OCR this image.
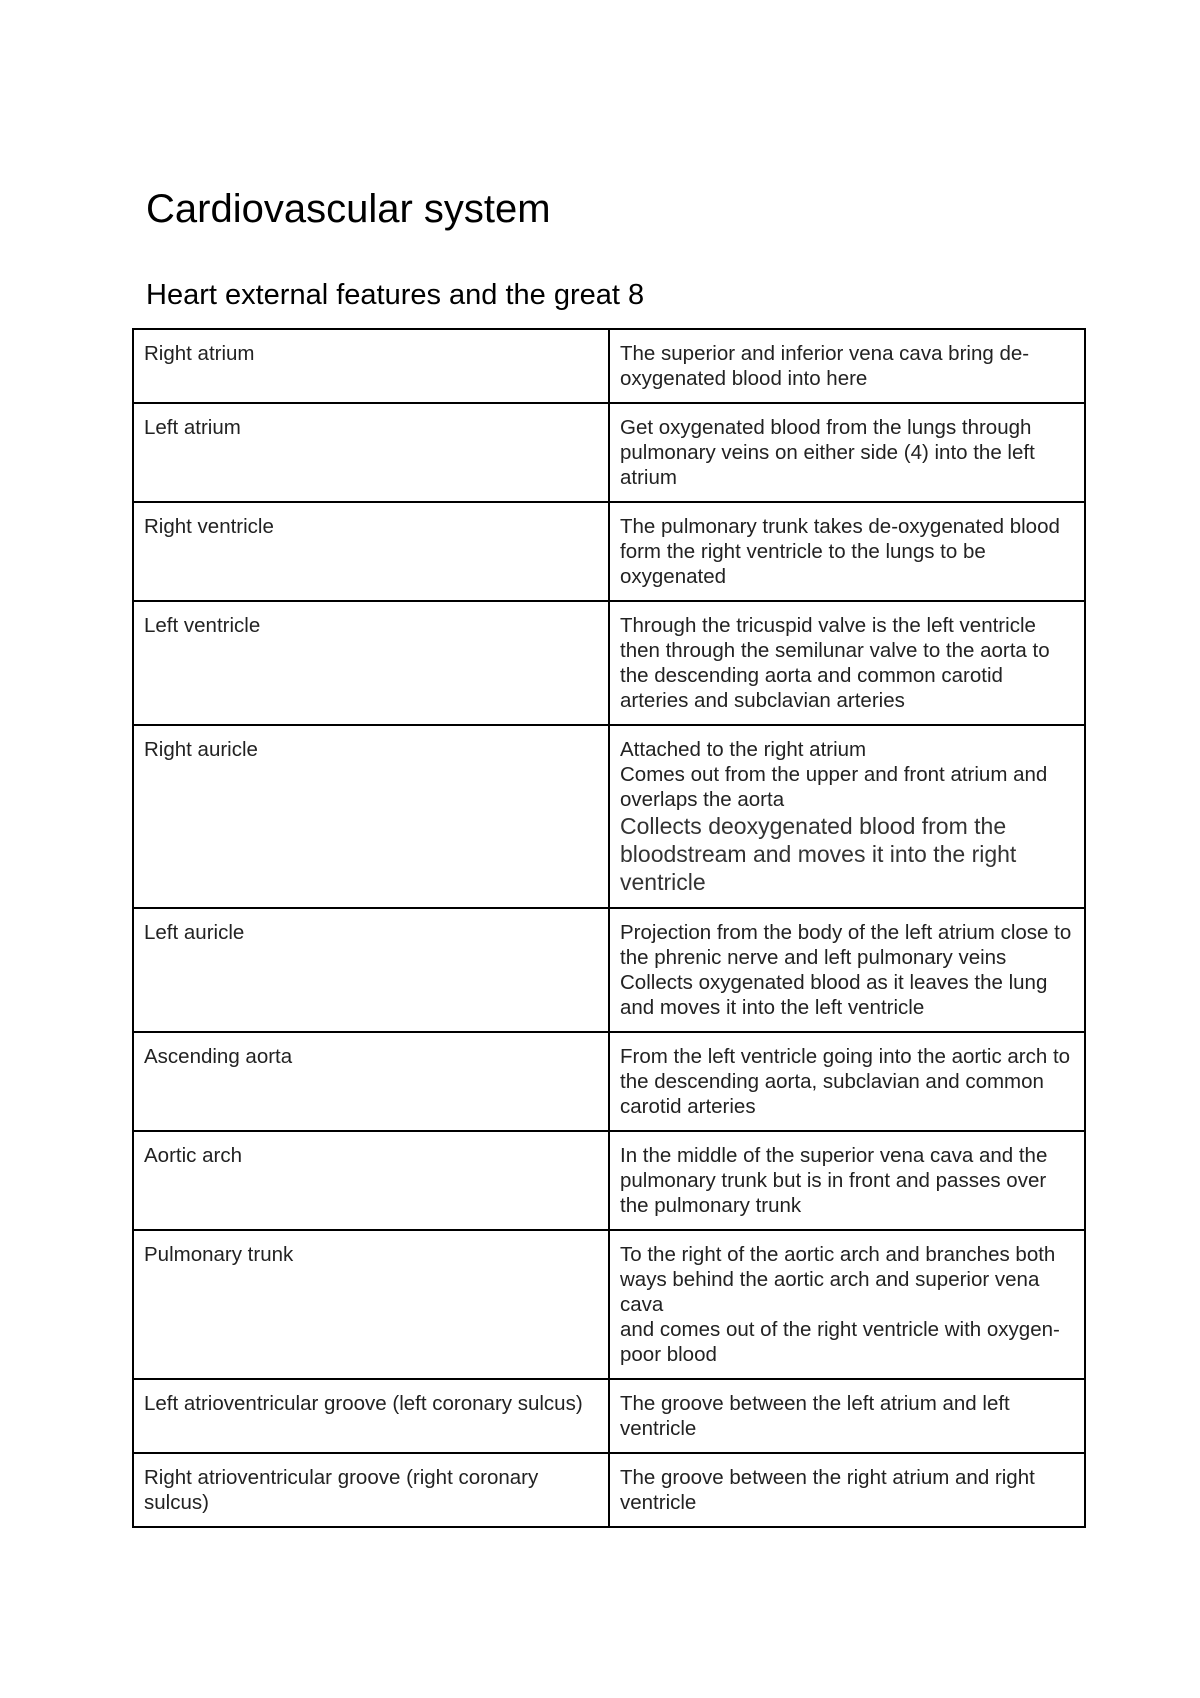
Cardiovascular system
Heart external features and the great 8
Right atrium	The superior and inferior vena cava bring de-oxygenated blood into here

Left atrium	Get oxygenated blood from the lungs through pulmonary veins on either side (4) into the left atrium

Right ventricle	The pulmonary trunk takes de-oxygenated blood form the right ventricle to the lungs to be oxygenated

Left ventricle	Through the tricuspid valve is the left ventricle then through the semilunar valve to the aorta to the descending aorta and common carotid arteries and subclavian arteries

Right auricle	Attached to the right atrium
Comes out from the upper and front atrium and overlaps the aorta
Collects deoxygenated blood from the bloodstream and moves it into the right ventricle

Left auricle	Projection from the body of the left atrium close to the phrenic nerve and left pulmonary veins
Collects oxygenated blood as it leaves the lung and moves it into the left ventricle

Ascending aorta	From the left ventricle going into the aortic arch to the descending aorta, subclavian and common carotid arteries

Aortic arch	In the middle of the superior vena cava and the pulmonary trunk but is in front and passes over the pulmonary trunk

Pulmonary trunk	To the right of the aortic arch and branches both ways behind the aortic arch and superior vena cava
and comes out of the right ventricle with oxygen-poor blood

Left atrioventricular groove (left coronary sulcus)	The groove between the left atrium and left ventricle

Right atrioventricular groove (right coronary sulcus)	The groove between the right atrium and right ventricle
